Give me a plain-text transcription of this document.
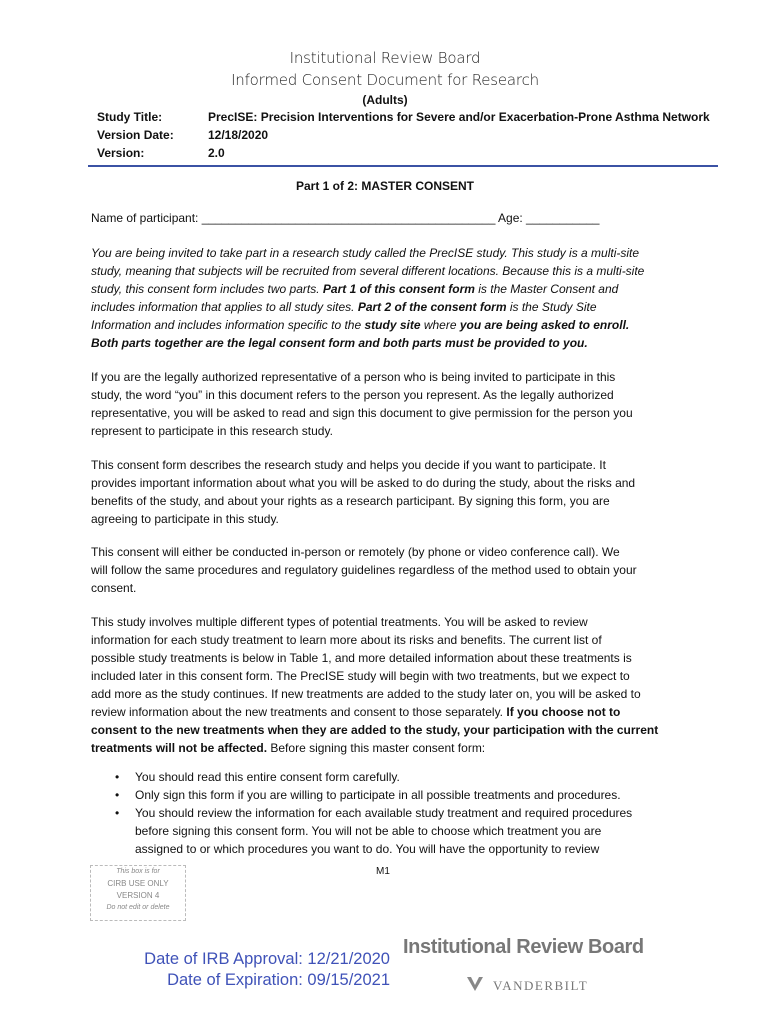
Institutional Review Board
Informed Consent Document for Research
(Adults)
Study Title:	PrecISE: Precision Interventions for Severe and/or Exacerbation-Prone Asthma Network
Version Date:	12/18/2020
Version:	2.0
Part 1 of 2: MASTER CONSENT
Name of participant: ____________________________________________ Age: ___________
You are being invited to take part in a research study called the PrecISE study. This study is a multi-site
study, meaning that subjects will be recruited from several different locations. Because this is a multi-site
study, this consent form includes two parts. Part 1 of this consent form is the Master Consent and
includes information that applies to all study sites. Part 2 of the consent form is the Study Site
Information and includes information specific to the study site where you are being asked to enroll.
Both parts together are the legal consent form and both parts must be provided to you.
If you are the legally authorized representative of a person who is being invited to participate in this
study, the word “you” in this document refers to the person you represent. As the legally authorized
representative, you will be asked to read and sign this document to give permission for the person you
represent to participate in this research study.
This consent form describes the research study and helps you decide if you want to participate. It
provides important information about what you will be asked to do during the study, about the risks and
benefits of the study, and about your rights as a research participant. By signing this form, you are
agreeing to participate in this study.
This consent will either be conducted in-person or remotely (by phone or video conference call). We
will follow the same procedures and regulatory guidelines regardless of the method used to obtain your
consent.
This study involves multiple different types of potential treatments. You will be asked to review
information for each study treatment to learn more about its risks and benefits. The current list of
possible study treatments is below in Table 1, and more detailed information about these treatments is
included later in this consent form. The PrecISE study will begin with two treatments, but we expect to
add more as the study continues. If new treatments are added to the study later on, you will be asked to
review information about the new treatments and consent to those separately. If you choose not to
consent to the new treatments when they are added to the study, your participation with the current
treatments will not be affected. Before signing this master consent form:
• You should read this entire consent form carefully.
• Only sign this form if you are willing to participate in all possible treatments and procedures.
• You should review the information for each available study treatment and required procedures
before signing this consent form. You will not be able to choose which treatment you are
assigned to or which procedures you want to do. You will have the opportunity to review
M1
This box is for
CIRB USE ONLY
VERSION 4
Do not edit or delete
Date of IRB Approval: 12/21/2020
Date of Expiration: 09/15/2021
Institutional Review Board
VANDERBILT
